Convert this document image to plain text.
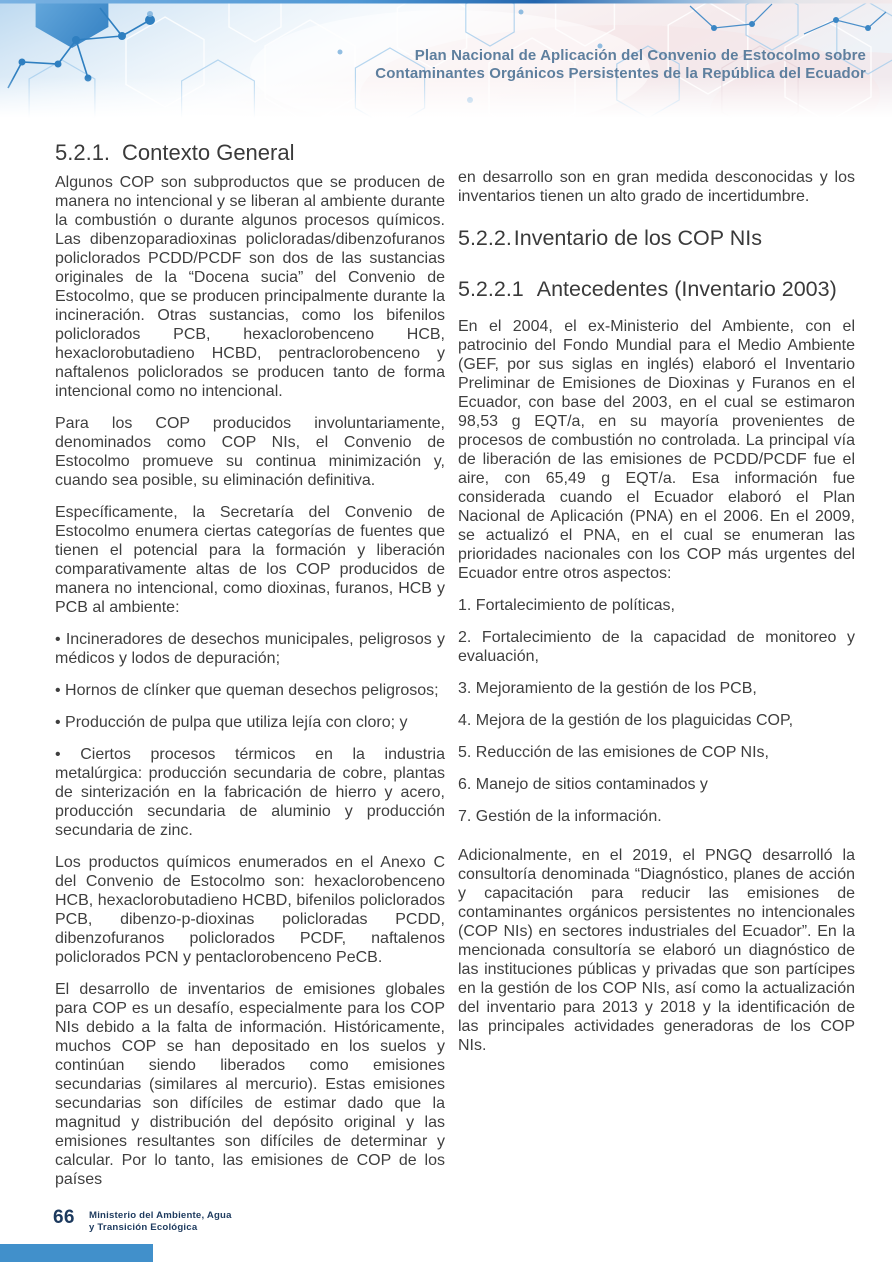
Plan Nacional de Aplicación del Convenio de Estocolmo sobre
Contaminantes Orgánicos Persistentes de la República del Ecuador
5.2.1. Contexto General

Algunos COP son subproductos que se producen de manera no intencional y se liberan al ambiente durante la combustión o durante algunos procesos químicos. Las dibenzoparadioxinas policloradas/dibenzofuranos policlorados PCDD/PCDF son dos de las sustancias originales de la “Docena sucia” del Convenio de Estocolmo, que se producen principalmente durante la incineración. Otras sustancias, como los bifenilos policlorados PCB, hexaclorobenceno HCB, hexaclorobutadieno HCBD, pentraclorobenceno y naftalenos policlorados se producen tanto de forma intencional como no intencional.

Para los COP producidos involuntariamente, denominados como COP NIs, el Convenio de Estocolmo promueve su continua minimización y, cuando sea posible, su eliminación definitiva.

Específicamente, la Secretaría del Convenio de Estocolmo enumera ciertas categorías de fuentes que tienen el potencial para la formación y liberación comparativamente altas de los COP producidos de manera no intencional, como dioxinas, furanos, HCB y PCB al ambiente:

• Incineradores de desechos municipales, peligrosos y médicos y lodos de depuración;

• Hornos de clínker que queman desechos peligrosos;

• Producción de pulpa que utiliza lejía con cloro; y

• Ciertos procesos térmicos en la industria metalúrgica: producción secundaria de cobre, plantas de sinterización en la fabricación de hierro y acero, producción secundaria de aluminio y producción secundaria de zinc.

Los productos químicos enumerados en el Anexo C del Convenio de Estocolmo son: hexaclorobenceno HCB, hexaclorobutadieno HCBD, bifenilos policlorados PCB, dibenzo-p-dioxinas policloradas PCDD, dibenzofuranos policlorados PCDF, naftalenos policlorados PCN y pentaclorobenceno PeCB.

El desarrollo de inventarios de emisiones globales para COP es un desafío, especialmente para los COP NIs debido a la falta de información. Históricamente, muchos COP se han depositado en los suelos y continúan siendo liberados como emisiones secundarias (similares al mercurio). Estas emisiones secundarias son difíciles de estimar dado que la magnitud y distribución del depósito original y las emisiones resultantes son difíciles de determinar y calcular. Por lo tanto, las emisiones de COP de los países

en desarrollo son en gran medida desconocidas y los inventarios tienen un alto grado de incertidumbre.

5.2.2.Inventario de los COP NIs
5.2.2.1 Antecedentes (Inventario 2003)

En el 2004, el ex-Ministerio del Ambiente, con el patrocinio del Fondo Mundial para el Medio Ambiente (GEF, por sus siglas en inglés) elaboró el Inventario Preliminar de Emisiones de Dioxinas y Furanos en el Ecuador, con base del 2003, en el cual se estimaron 98,53 g EQT/a, en su mayoría provenientes de procesos de combustión no controlada. La principal vía de liberación de las emisiones de PCDD/PCDF fue el aire, con 65,49 g EQT/a. Esa información fue considerada cuando el Ecuador elaboró el Plan Nacional de Aplicación (PNA) en el 2006. En el 2009, se actualizó el PNA, en el cual se enumeran las prioridades nacionales con los COP más urgentes del Ecuador entre otros aspectos:

1. Fortalecimiento de políticas,

2. Fortalecimiento de la capacidad de monitoreo y evaluación,

3. Mejoramiento de la gestión de los PCB,

4. Mejora de la gestión de los plaguicidas COP,

5. Reducción de las emisiones de COP NIs,

6. Manejo de sitios contaminados y

7. Gestión de la información.

Adicionalmente, en el 2019, el PNGQ desarrolló la consultoría denominada “Diagnóstico, planes de acción y capacitación para reducir las emisiones de contaminantes orgánicos persistentes no intencionales (COP NIs) en sectores industriales del Ecuador”. En la mencionada consultoría se elaboró un diagnóstico de las instituciones públicas y privadas que son partícipes en la gestión de los COP NIs, así como la actualización del inventario para 2013 y 2018 y la identificación de las principales actividades generadoras de los COP NIs.

66 Ministerio del Ambiente, Agua
y Transición Ecológica
